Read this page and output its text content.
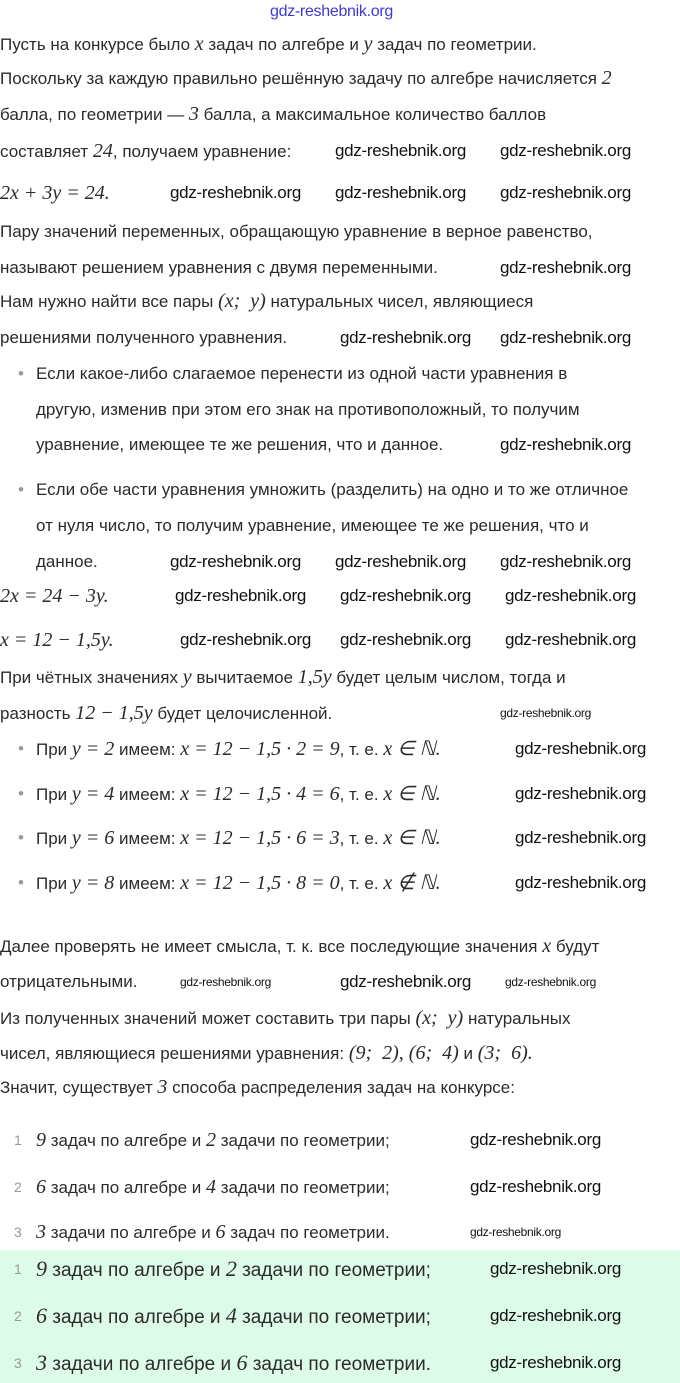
Пусть на конкурсе было x задач по алгебре и y задач по геометрии.
Поскольку за каждую правильно решённую задачу по алгебре начисляется 2
балла, по геометрии — 3 балла, а максимальное количество баллов
составляет 24, получаем уравнение:
2x + 3y = 24.
Пару значений переменных, обращающую уравнение в верное равенство,
называют решением уравнения с двумя переменными.
Нам нужно найти все пары (x;  y) натуральных чисел, являющиеся
решениями полученного уравнения.
• Если какое-либо слагаемое перенести из одной части уравнения в
другую, изменив при этом его знак на противоположный, то получим
уравнение, имеющее те же решения, что и данное.
• Если обе части уравнения умножить (разделить) на одно и то же отличное
от нуля число, то получим уравнение, имеющее те же решения, что и
данное.
2x = 24 − 3y.
x = 12 − 1,5y.
При чётных значениях y вычитаемое 1,5y будет целым числом, тогда и
разность 12 − 1,5y будет целочисленной.
• При y = 2 имеем: x = 12 − 1,5 · 2 = 9, т. е. x ∈ ℕ.
• При y = 4 имеем: x = 12 − 1,5 · 4 = 6, т. е. x ∈ ℕ.
• При y = 6 имеем: x = 12 − 1,5 · 6 = 3, т. е. x ∈ ℕ.
• При y = 8 имеем: x = 12 − 1,5 · 8 = 0, т. е. x ∉ ℕ.
Далее проверять не имеет смысла, т. к. все последующие значения x будут
отрицательными.
Из полученных значений может составить три пары (x;  y) натуральных
чисел, являющиеся решениями уравнения: (9;  2), (6;  4) и (3;  6).
Значит, существует 3 способа распределения задач на конкурсе:
1 9 задач по алгебре и 2 задачи по геометрии;
2 6 задач по алгебре и 4 задачи по геометрии;
3 3 задачи по алгебре и 6 задач по геометрии.
1 9 задач по алгебре и 2 задачи по геометрии;
2 6 задач по алгебре и 4 задачи по геометрии;
3 3 задачи по алгебре и 6 задач по геометрии.
gdz-reshebnik.org
gdz-reshebnik.org gdz-reshebnik.org
gdz-reshebnik.org gdz-reshebnik.org gdz-reshebnik.org
gdz-reshebnik.org
gdz-reshebnik.org gdz-reshebnik.org
gdz-reshebnik.org
gdz-reshebnik.org gdz-reshebnik.org gdz-reshebnik.org
gdz-reshebnik.org gdz-reshebnik.org gdz-reshebnik.org
gdz-reshebnik.org gdz-reshebnik.org gdz-reshebnik.org
gdz-reshebnik.org
gdz-reshebnik.org
gdz-reshebnik.org
gdz-reshebnik.org
gdz-reshebnik.org
gdz-reshebnik.org	gdz-reshebnik.org	gdz-reshebnik.org
gdz-reshebnik.org
gdz-reshebnik.org
gdz-reshebnik.org
gdz-reshebnik.org
gdz-reshebnik.org
gdz-reshebnik.org
